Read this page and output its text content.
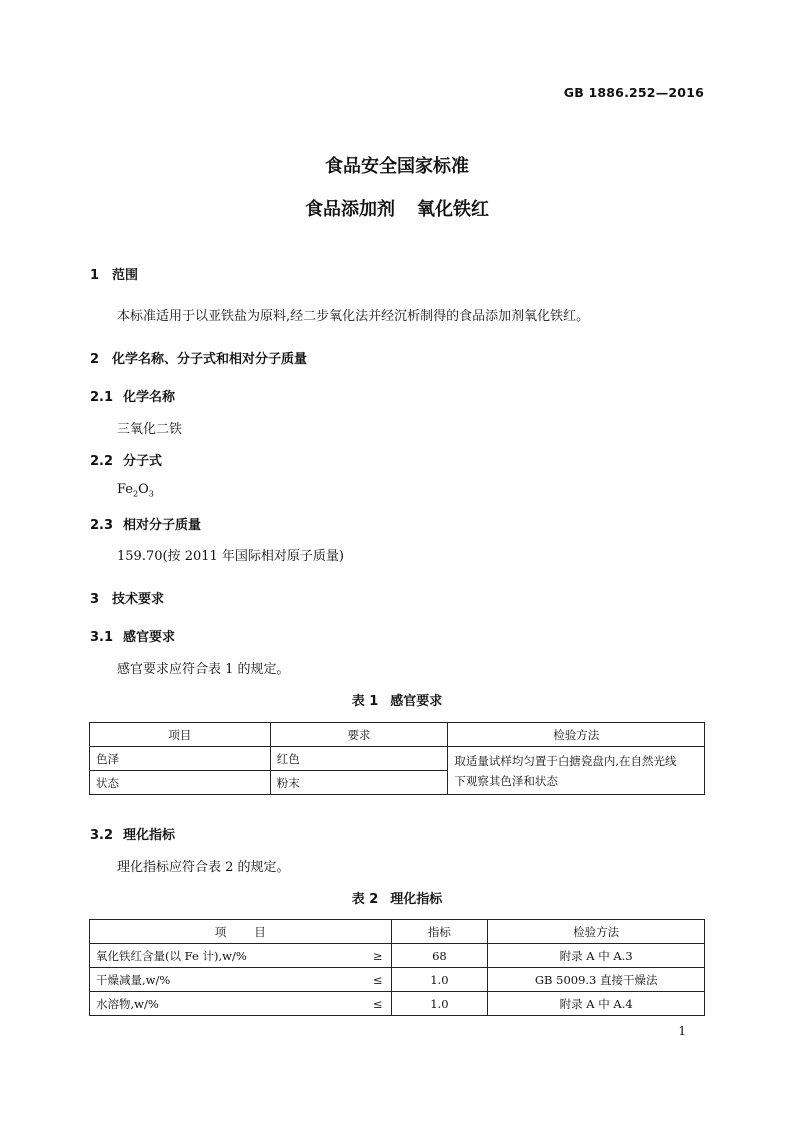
GB 1886.252—2016
食品安全国家标准
食品添加剂 氧化铁红
1 范围
本标准适用于以亚铁盐为原料,经二步氧化法并经沉析制得的食品添加剂氧化铁红。
2 化学名称、分子式和相对分子质量
2.1 化学名称
三氧化二铁
2.2 分子式
$Fe_2O_3$
2.3 相对分子质量
159.70(按 2011 年国际相对原子质量)
3 技术要求
3.1 感官要求
感官要求应符合表 1 的规定。
表 1 感官要求
项目	要求	检验方法
色泽	红色	取适量试样均匀置于白搪瓷盘内,在自然光线
下观察其色泽和状态

状态	粉末	
3.2 理化指标
理化指标应符合表 2 的规定。
表 2 理化指标
项 目		指标	检验方法
氧化铁红含量(以 Fe 计),w/%	≥	68	附录 A 中 A.3
干燥减量,w/%	≤	1.0	GB 5009.3 直接干燥法
水溶物,w/%	≤	1.0	附录 A 中 A.4
1
